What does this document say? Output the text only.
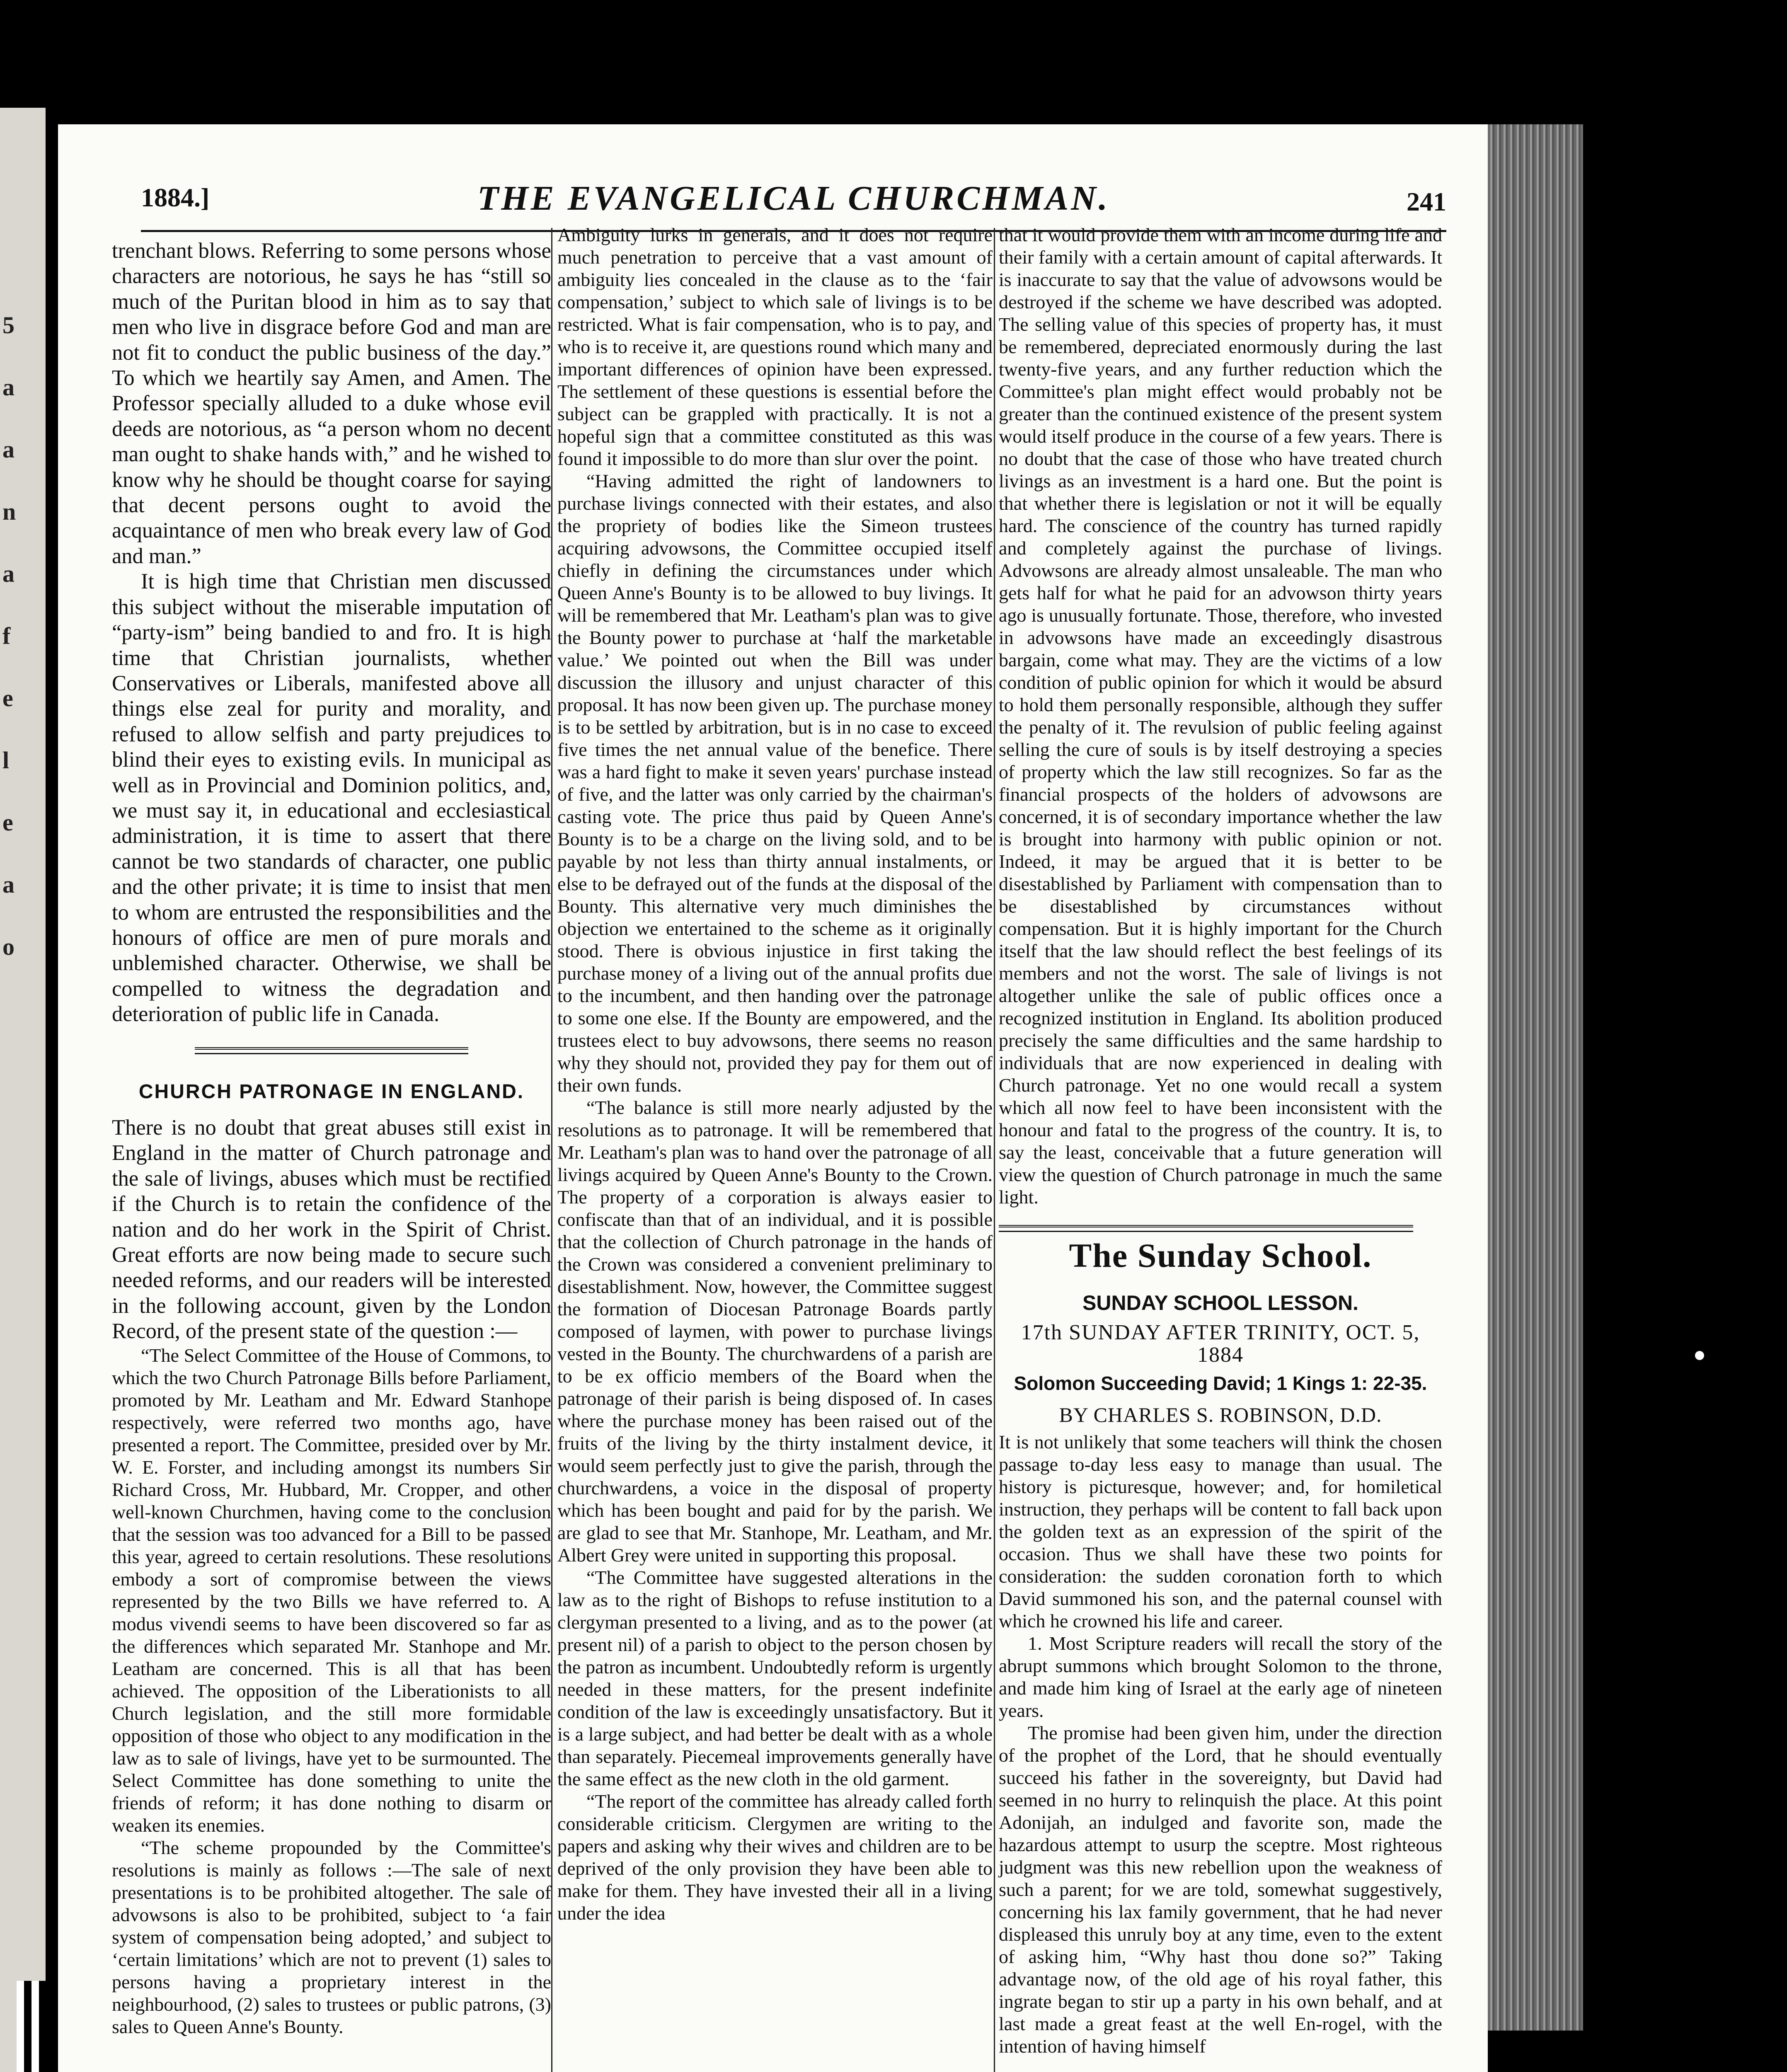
5 a a n a f e l e a o
1884.]	THE EVANGELICAL CHURCHMAN.	241

trenchant blows. Referring to some persons whose characters are notorious, he says he has “still so much of the Puritan blood in him as to say that men who live in disgrace before God and man are not fit to conduct the public business of the day.” To which we heartily say Amen, and Amen. The Professor specially alluded to a duke whose evil deeds are notorious, as “a person whom no decent man ought to shake hands with,” and he wished to know why he should be thought coarse for saying that decent persons ought to avoid the acquaintance of men who break every law of God and man.”

It is high time that Christian men discussed this subject without the miserable imputation of “party-ism” being bandied to and fro. It is high time that Christian journalists, whether Conservatives or Liberals, manifested above all things else zeal for purity and morality, and refused to allow selfish and party prejudices to blind their eyes to existing evils. In municipal as well as in Provincial and Dominion politics, and, we must say it, in educational and ecclesiastical administration, it is time to assert that there cannot be two standards of character, one public and the other private; it is time to insist that men to whom are entrusted the responsibilities and the honours of office are men of pure morals and unblemished character. Otherwise, we shall be compelled to witness the degradation and deterioration of public life in Canada.

CHURCH PATRONAGE IN ENGLAND.

There is no doubt that great abuses still exist in England in the matter of Church patronage and the sale of livings, abuses which must be rectified if the Church is to retain the confidence of the nation and do her work in the Spirit of Christ. Great efforts are now being made to secure such needed reforms, and our readers will be interested in the following account, given by the London Record, of the present state of the question :—

“The Select Committee of the House of Commons, to which the two Church Patronage Bills before Parliament, promoted by Mr. Leatham and Mr. Edward Stanhope respectively, were referred two months ago, have presented a report. The Committee, presided over by Mr. W. E. Forster, and including amongst its numbers Sir Richard Cross, Mr. Hubbard, Mr. Cropper, and other well-known Churchmen, having come to the conclusion that the session was too advanced for a Bill to be passed this year, agreed to certain resolutions. These resolutions embody a sort of compromise between the views represented by the two Bills we have referred to. A modus vivendi seems to have been discovered so far as the differences which separated Mr. Stanhope and Mr. Leatham are concerned. This is all that has been achieved. The opposition of the Liberationists to all Church legislation, and the still more formidable opposition of those who object to any modification in the law as to sale of livings, have yet to be surmounted. The Select Committee has done something to unite the friends of reform; it has done nothing to disarm or weaken its enemies.

“The scheme propounded by the Committee's resolutions is mainly as follows :—The sale of next presentations is to be prohibited altogether. The sale of advowsons is also to be prohibited, subject to ‘a fair system of compensation being adopted,’ and subject to ‘certain limitations’ which are not to prevent (1) sales to persons having a proprietary interest in the neighbourhood, (2) sales to trustees or public patrons, (3) sales to Queen Anne's Bounty.

Ambiguity lurks in generals, and it does not require much penetration to perceive that a vast amount of ambiguity lies concealed in the clause as to the ‘fair compensation,’ subject to which sale of livings is to be restricted. What is fair compensation, who is to pay, and who is to receive it, are questions round which many and important differences of opinion have been expressed. The settlement of these questions is essential before the subject can be grappled with practically. It is not a hopeful sign that a committee constituted as this was found it impossible to do more than slur over the point.

“Having admitted the right of landowners to purchase livings connected with their estates, and also the propriety of bodies like the Simeon trustees acquiring advowsons, the Committee occupied itself chiefly in defining the circumstances under which Queen Anne's Bounty is to be allowed to buy livings. It will be remembered that Mr. Leatham's plan was to give the Bounty power to purchase at ‘half the marketable value.’ We pointed out when the Bill was under discussion the illusory and unjust character of this proposal. It has now been given up. The purchase money is to be settled by arbitration, but is in no case to exceed five times the net annual value of the benefice. There was a hard fight to make it seven years' purchase instead of five, and the latter was only carried by the chairman's casting vote. The price thus paid by Queen Anne's Bounty is to be a charge on the living sold, and to be payable by not less than thirty annual instalments, or else to be defrayed out of the funds at the disposal of the Bounty. This alternative very much diminishes the objection we entertained to the scheme as it originally stood. There is obvious injustice in first taking the purchase money of a living out of the annual profits due to the incumbent, and then handing over the patronage to some one else. If the Bounty are empowered, and the trustees elect to buy advowsons, there seems no reason why they should not, provided they pay for them out of their own funds.

“The balance is still more nearly adjusted by the resolutions as to patronage. It will be remembered that Mr. Leatham's plan was to hand over the patronage of all livings acquired by Queen Anne's Bounty to the Crown. The property of a corporation is always easier to confiscate than that of an individual, and it is possible that the collection of Church patronage in the hands of the Crown was considered a convenient preliminary to disestablishment. Now, however, the Committee suggest the formation of Diocesan Patronage Boards partly composed of laymen, with power to purchase livings vested in the Bounty. The churchwardens of a parish are to be ex officio members of the Board when the patronage of their parish is being disposed of. In cases where the purchase money has been raised out of the fruits of the living by the thirty instalment device, it would seem perfectly just to give the parish, through the churchwardens, a voice in the disposal of property which has been bought and paid for by the parish. We are glad to see that Mr. Stanhope, Mr. Leatham, and Mr. Albert Grey were united in supporting this proposal.

“The Committee have suggested alterations in the law as to the right of Bishops to refuse institution to a clergyman presented to a living, and as to the power (at present nil) of a parish to object to the person chosen by the patron as incumbent. Undoubtedly reform is urgently needed in these matters, for the present indefinite condition of the law is exceedingly unsatisfactory. But it is a large subject, and had better be dealt with as a whole than separately. Piecemeal improvements generally have the same effect as the new cloth in the old garment.

“The report of the committee has already called forth considerable criticism. Clergymen are writing to the papers and asking why their wives and children are to be deprived of the only provision they have been able to make for them. They have invested their all in a living under the idea

that it would provide them with an income during life and their family with a certain amount of capital afterwards. It is inaccurate to say that the value of advowsons would be destroyed if the scheme we have described was adopted. The selling value of this species of property has, it must be remembered, depreciated enormously during the last twenty-five years, and any further reduction which the Committee's plan might effect would probably not be greater than the continued existence of the present system would itself produce in the course of a few years. There is no doubt that the case of those who have treated church livings as an investment is a hard one. But the point is that whether there is legislation or not it will be equally hard. The conscience of the country has turned rapidly and completely against the purchase of livings. Advowsons are already almost unsaleable. The man who gets half for what he paid for an advowson thirty years ago is unusually fortunate. Those, therefore, who invested in advowsons have made an exceedingly disastrous bargain, come what may. They are the victims of a low condition of public opinion for which it would be absurd to hold them personally responsible, although they suffer the penalty of it. The revulsion of public feeling against selling the cure of souls is by itself destroying a species of property which the law still recognizes. So far as the financial prospects of the holders of advowsons are concerned, it is of secondary importance whether the law is brought into harmony with public opinion or not. Indeed, it may be argued that it is better to be disestablished by Parliament with compensation than to be disestablished by circumstances without compensation. But it is highly important for the Church itself that the law should reflect the best feelings of its members and not the worst. The sale of livings is not altogether unlike the sale of public offices once a recognized institution in England. Its abolition produced precisely the same difficulties and the same hardship to individuals that are now experienced in dealing with Church patronage. Yet no one would recall a system which all now feel to have been inconsistent with the honour and fatal to the progress of the country. It is, to say the least, conceivable that a future generation will view the question of Church patronage in much the same light.

The Sunday School.
SUNDAY SCHOOL LESSON.
17th SUNDAY AFTER TRINITY, OCT. 5, 1884
Solomon Succeeding David; 1 Kings 1: 22-35.
BY CHARLES S. ROBINSON, D.D.

It is not unlikely that some teachers will think the chosen passage to-day less easy to manage than usual. The history is picturesque, however; and, for homiletical instruction, they perhaps will be content to fall back upon the golden text as an expression of the spirit of the occasion. Thus we shall have these two points for consideration: the sudden coronation forth to which David summoned his son, and the paternal counsel with which he crowned his life and career.

1. Most Scripture readers will recall the story of the abrupt summons which brought Solomon to the throne, and made him king of Israel at the early age of nineteen years.

The promise had been given him, under the direction of the prophet of the Lord, that he should eventually succeed his father in the sovereignty, but David had seemed in no hurry to relinquish the place. At this point Adonijah, an indulged and favorite son, made the hazardous attempt to usurp the sceptre. Most righteous judgment was this new rebellion upon the weakness of such a parent; for we are told, somewhat suggestively, concerning his lax family government, that he had never displeased this unruly boy at any time, even to the extent of asking him, “Why hast thou done so?” Taking advantage now, of the old age of his royal father, this ingrate began to stir up a party in his own behalf, and at last made a great feast at the well En-rogel, with the intention of having himself
